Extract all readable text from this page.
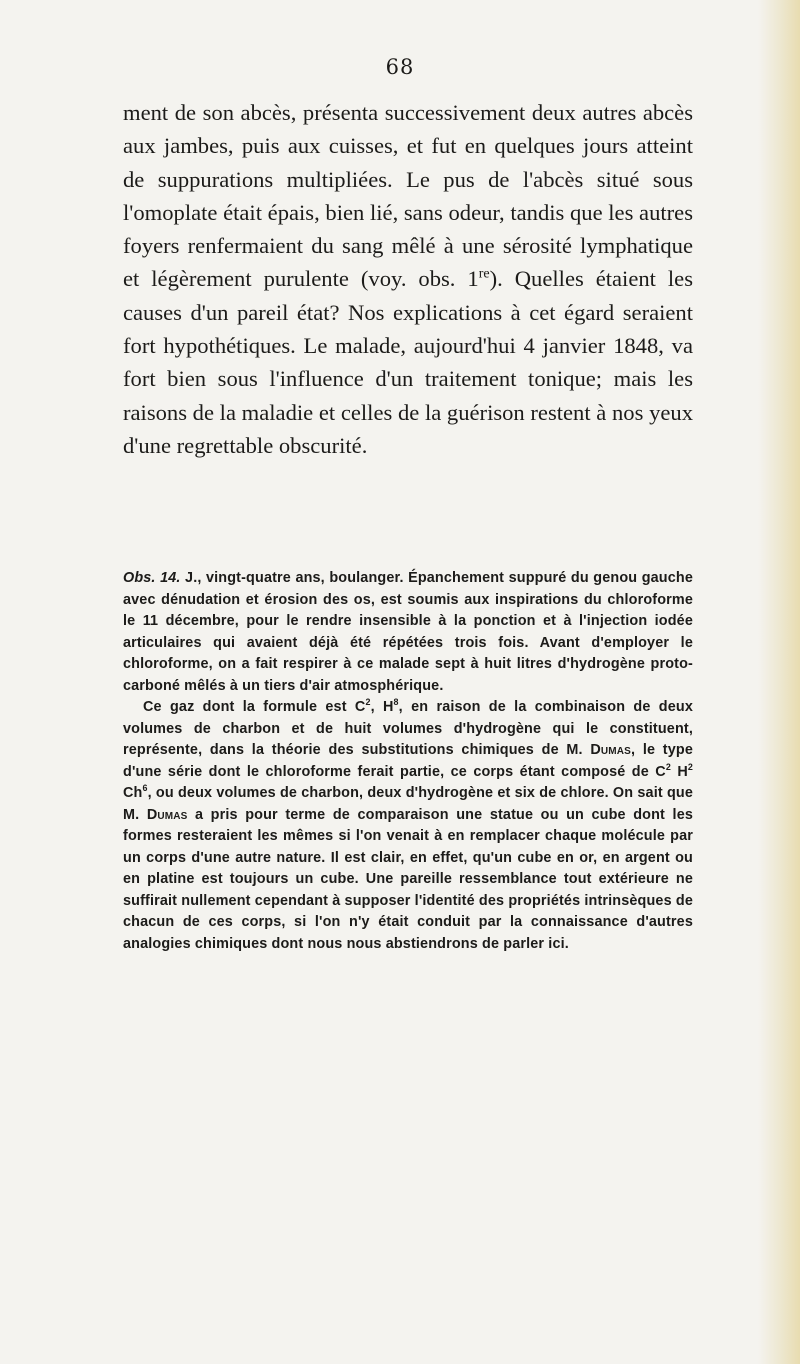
68

ment de son abcès, présenta successivement deux autres abcès aux jambes, puis aux cuisses, et fut en quelques jours atteint de suppurations multipliées. Le pus de l'abcès situé sous l'omoplate était épais, bien lié, sans odeur, tandis que les autres foyers renfermaient du sang mêlé à une sérosité lymphatique et légèrement purulente (voy. obs. 1re). Quelles étaient les causes d'un pareil état? Nos explications à cet égard seraient fort hypothétiques. Le malade, aujourd'hui 4 janvier 1848, va fort bien sous l'influence d'un traitement tonique; mais les raisons de la maladie et celles de la guérison restent à nos yeux d'une regrettable obscurité.

Obs. 14. J., vingt-quatre ans, boulanger. Épanchement suppuré du genou gauche avec dénudation et érosion des os, est soumis aux inspirations du chloroforme le 11 décembre, pour le rendre insensible à la ponction et à l'injection iodée articulaires qui avaient déjà été répétées trois fois. Avant d'employer le chloroforme, on a fait respirer à ce malade sept à huit litres d'hydrogène proto-carboné mêlés à un tiers d'air atmosphérique.

Ce gaz dont la formule est $C^2$, $H^8$, en raison de la combinaison de deux volumes de charbon et de huit volumes d'hydrogène qui le constituent, représente, dans la théorie des substitutions chimiques de M. Dumas, le type d'une série dont le chloroforme ferait partie, ce corps étant composé de $C^2$ $H^2$ Ch$^6$, ou deux volumes de charbon, deux d'hydrogène et six de chlore. On sait que M. Dumas a pris pour terme de comparaison une statue ou un cube dont les formes resteraient les mêmes si l'on venait à en remplacer chaque molécule par un corps d'une autre nature. Il est clair, en effet, qu'un cube en or, en argent ou en platine est toujours un cube. Une pareille ressemblance tout extérieure ne suffirait nullement cependant à supposer l'identité des propriétés intrinsèques de chacun de ces corps, si l'on n'y était conduit par la connaissance d'autres analogies chimiques dont nous nous abstiendrons de parler ici.
